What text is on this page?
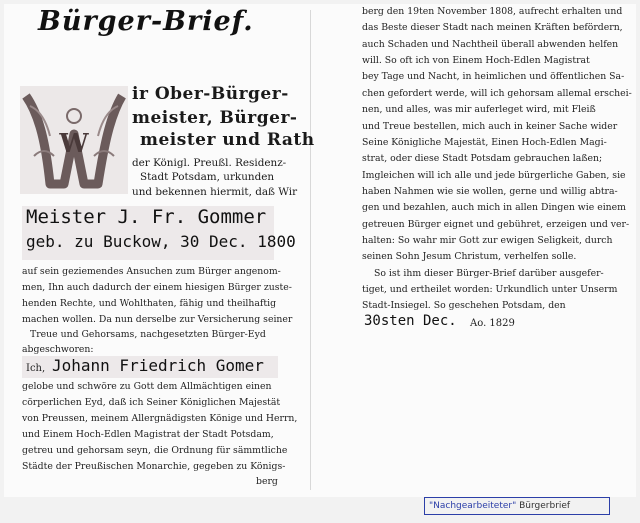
Bürger-Brief.
W
ir Ober-Bürger-
meister, Bürger-
meister und Rath
der Königl. Preußl. Residenz-
Stadt Potsdam, urkunden
und bekennen hiermit, daß Wir
Meister J. Fr. Gommer
geb. zu Buckow, 30 Dec. 1800
auf sein geziemendes Ansuchen zum Bürger angenom-
men, Ihn auch dadurch der einem hiesigen Bürger zuste-
henden Rechte, und Wohlthaten, fähig und theilhaftig
machen wollen. Da nun derselbe zur Versicherung seiner
Treue und Gehorsams, nachgesetzten Bürger-Eyd
abgeschworen:
Ich, Johann Friedrich Gomer
gelobe und schwöre zu Gott dem Allmächtigen einen
cörperlichen Eyd, daß ich Seiner Königlichen Majestät
von Preussen, meinem Allergnädigsten Könige und Herrn,
und Einem Hoch-Edlen Magistrat der Stadt Potsdam,
getreu und gehorsam seyn, die Ordnung für sämmtliche
Städte der Preußischen Monarchie, gegeben zu Königs-
berg
berg den 19ten November 1808, aufrecht erhalten und
das Beste dieser Stadt nach meinen Kräften befördern,
auch Schaden und Nachtheil überall abwenden helfen
will. So oft ich von Einem Hoch-Edlen Magistrat
bey Tage und Nacht, in heimlichen und öffentlichen Sa-
chen gefordert werde, will ich gehorsam allemal erschei-
nen, und alles, was mir auferleget wird, mit Fleiß
und Treue bestellen, mich auch in keiner Sache wider
Seine Königliche Majestät, Einen Hoch-Edlen Magi-
strat, oder diese Stadt Potsdam gebrauchen laßen;
Imgleichen will ich alle und jede bürgerliche Gaben, sie
haben Nahmen wie sie wollen, gerne und willig abtra-
gen und bezahlen, auch mich in allen Dingen wie einem
getreuen Bürger eignet und gebühret, erzeigen und ver-
halten: So wahr mir Gott zur ewigen Seligkeit, durch
seinen Sohn Jesum Christum, verhelfen solle.
So ist ihm dieser Bürger-Brief darüber ausgefer-
tiget, und ertheilet worden: Urkundlich unter Unserm
Stadt-Insiegel. So geschehen Potsdam, den
30sten Dec. Ao. 1829
"Nachgearbeiteter" Bürgerbrief
